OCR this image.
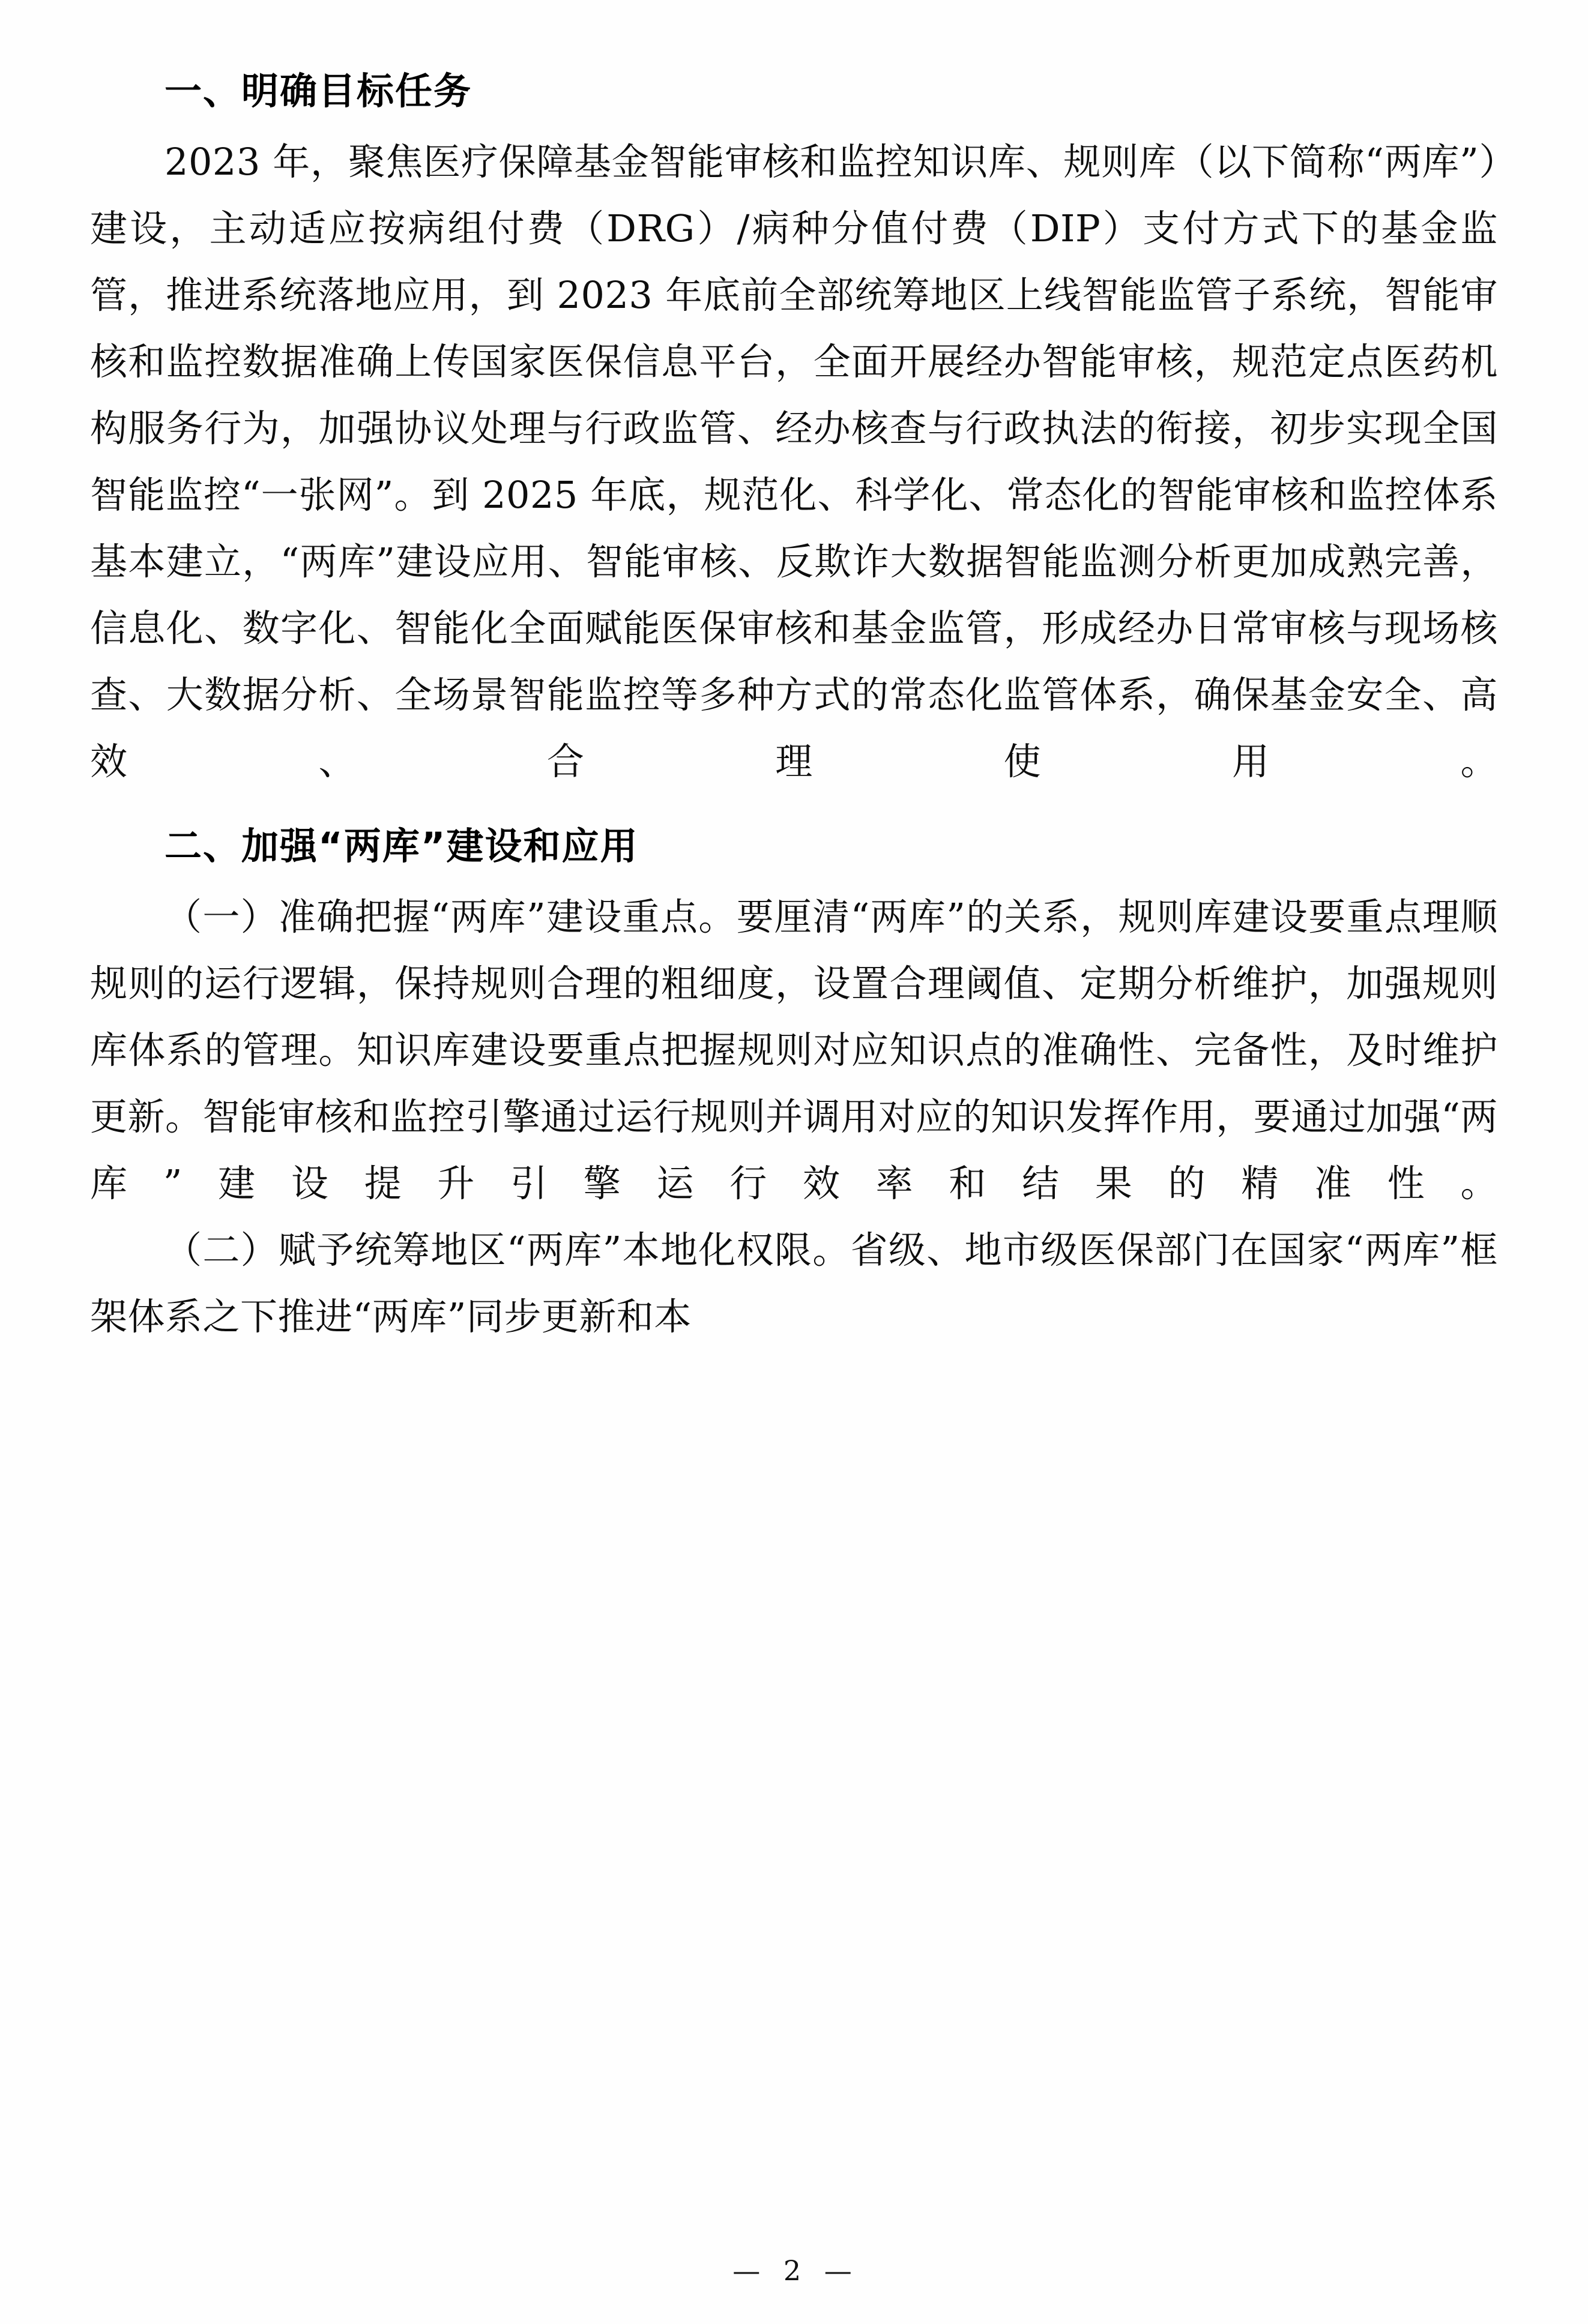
一、明确目标任务

2023 年，聚焦医疗保障基金智能审核和监控知识库、规则库（以下简称“两库”）建设，主动适应按病组付费（DRG）/病种分值付费（DIP）支付方式下的基金监管，推进系统落地应用，到 2023 年底前全部统筹地区上线智能监管子系统，智能审核和监控数据准确上传国家医保信息平台，全面开展经办智能审核，规范定点医药机构服务行为，加强协议处理与行政监管、经办核查与行政执法的衔接，初步实现全国智能监控“一张网”。到 2025 年底，规范化、科学化、常态化的智能审核和监控体系基本建立，“两库”建设应用、智能审核、反欺诈大数据智能监测分析更加成熟完善，信息化、数字化、智能化全面赋能医保审核和基金监管，形成经办日常审核与现场核查、大数据分析、全场景智能监控等多种方式的常态化监管体系，确保基金安全、高效、合理使用。

二、加强“两库”建设和应用

（一）准确把握“两库”建设重点。要厘清“两库”的关系，规则库建设要重点理顺规则的运行逻辑，保持规则合理的粗细度，设置合理阈值、定期分析维护，加强规则库体系的管理。知识库建设要重点把握规则对应知识点的准确性、完备性，及时维护更新。智能审核和监控引擎通过运行规则并调用对应的知识发挥作用，要通过加强“两库”建设提升引擎运行效率和结果的精准性。

（二）赋予统筹地区“两库”本地化权限。省级、地市级医保部门在国家“两库”框架体系之下推进“两库”同步更新和本

— 2 —
